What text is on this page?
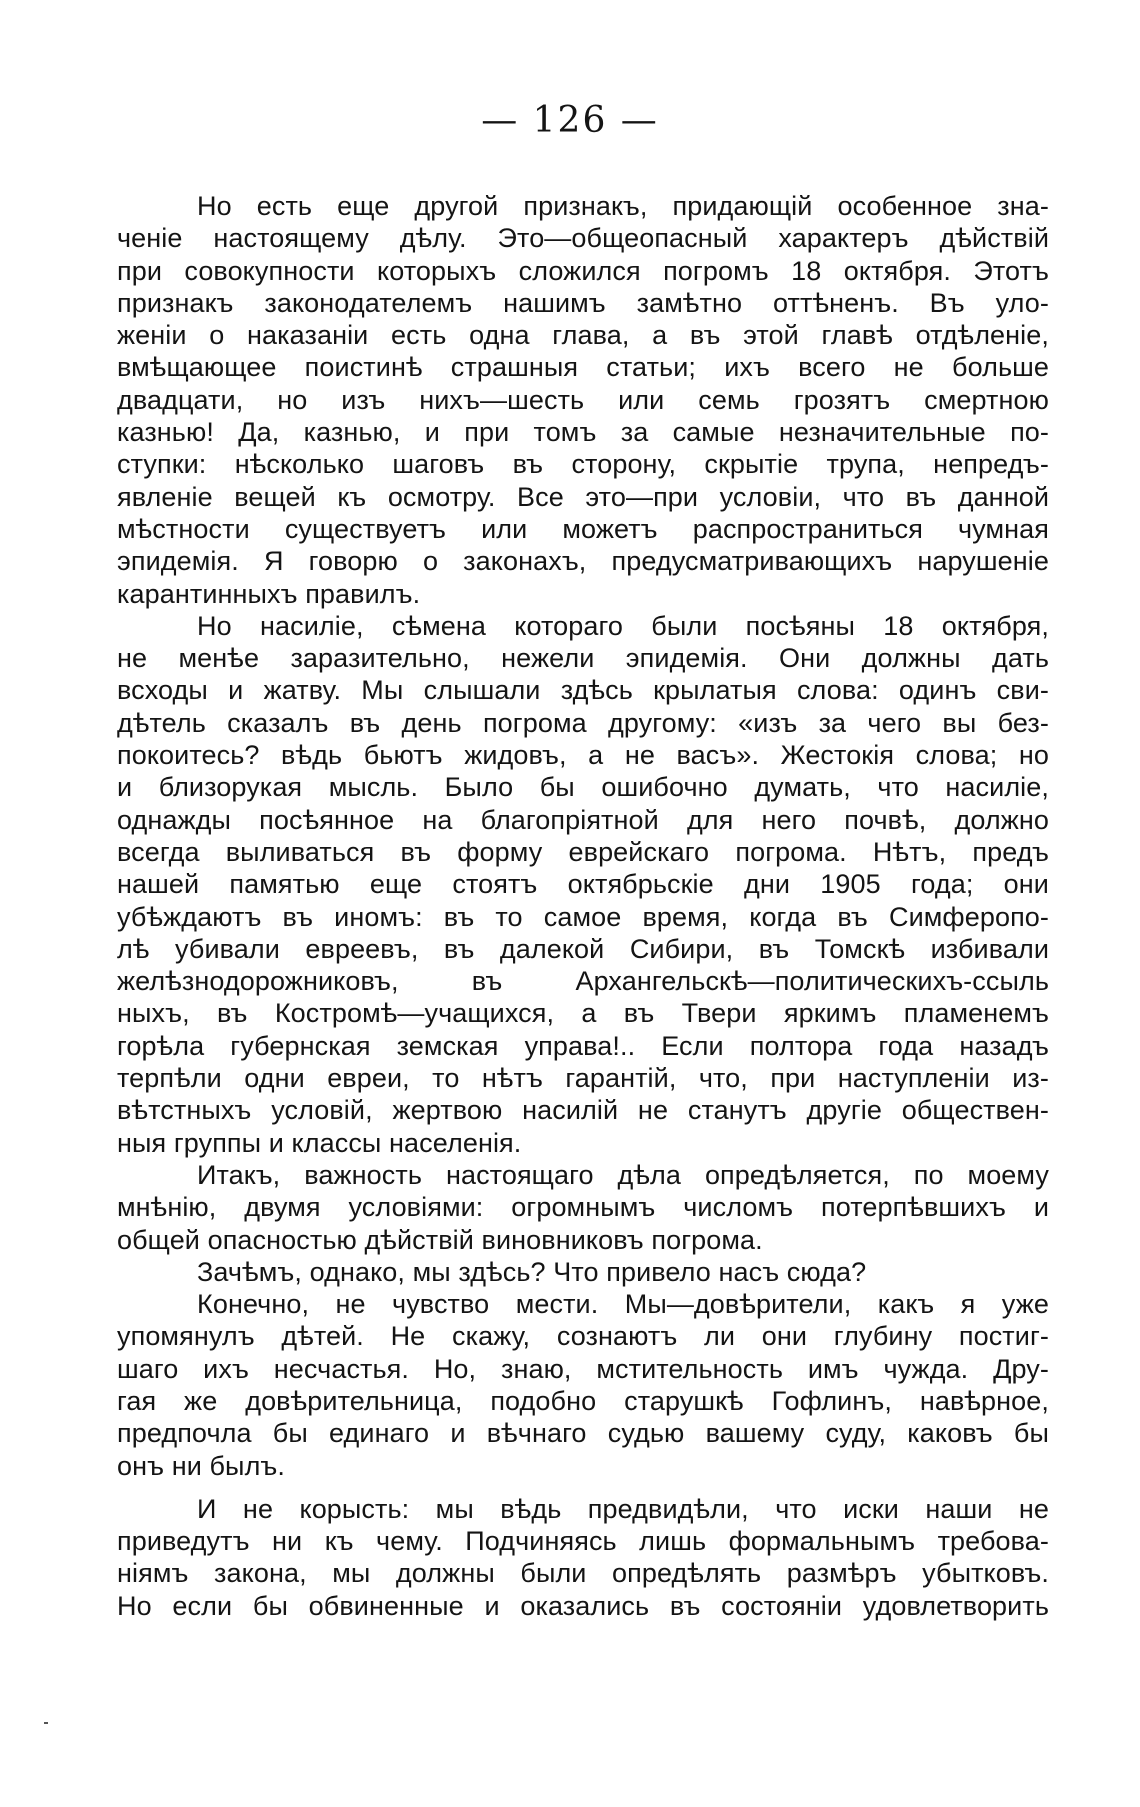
— 126 —
Но есть еще другой признакъ, придающій особенное зна-
ченіе настоящему дѣлу. Это—общеопасный характеръ дѣйствій
при совокупности которыхъ сложился погромъ 18 октября. Этотъ
признакъ законодателемъ нашимъ замѣтно оттѣненъ. Въ уло-
женіи о наказаніи есть одна глава, а въ этой главѣ отдѣленіе,
вмѣщающее поистинѣ страшныя статьи; ихъ всего не больше
двадцати, но изъ нихъ—шесть или семь грозятъ смертною
казнью! Да, казнью, и при томъ за самые незначительные по-
ступки: нѣсколько шаговъ въ сторону, скрытіе трупа, непредъ-
явленіе вещей къ осмотру. Все это—при условіи, что въ данной
мѣстности существуетъ или можетъ распространиться чумная
эпидемія. Я говорю о законахъ, предусматривающихъ нарушеніе
карантинныхъ правилъ.
Но насиліе, сѣмена котораго были посѣяны 18 октября,
не менѣе заразительно, нежели эпидемія. Они должны дать
всходы и жатву. Мы слышали здѣсь крылатыя слова: одинъ сви-
дѣтель сказалъ въ день погрома другому: «изъ за чего вы без-
покоитесь? вѣдь бьютъ жидовъ, а не васъ». Жестокія слова; но
и близорукая мысль. Было бы ошибочно думать, что насиліе,
однажды посѣянное на благопріятной для него почвѣ, должно
всегда выливаться въ форму еврейскаго погрома. Нѣтъ, предъ
нашей памятью еще стоятъ октябрьскіе дни 1905 года; они
убѣждаютъ въ иномъ: въ то самое время, когда въ Симферопо-
лѣ убивали евреевъ, въ далекой Сибири, въ Томскѣ избивали
желѣзнодорожниковъ, въ Архангельскѣ—политическихъ-ссыль
ныхъ, въ Костромѣ—учащихся, а въ Твери яркимъ пламенемъ
горѣла губернская земская управа!.. Если полтора года назадъ
терпѣли одни евреи, то нѣтъ гарантій, что, при наступленіи из-
вѣтстныхъ условій, жертвою насилій не станутъ другіе обществен-
ныя группы и классы населенія.
Итакъ, важность настоящаго дѣла опредѣляется, по моему
мнѣнію, двумя условіями: огромнымъ числомъ потерпѣвшихъ и
общей опасностью дѣйствій виновниковъ погрома.
Зачѣмъ, однако, мы здѣсь? Что привело насъ сюда?
Конечно, не чувство мести. Мы—довѣрители, какъ я уже
упомянулъ дѣтей. Не скажу, сознаютъ ли они глубину постиг-
шаго ихъ несчастья. Но, знаю, мстительность имъ чужда. Дру-
гая же довѣрительница, подобно старушкѣ Гофлинъ, навѣрное,
предпочла бы единаго и вѣчнаго судью вашему суду, каковъ бы
онъ ни былъ.
И не корысть: мы вѣдь предвидѣли, что иски наши не
приведутъ ни къ чему. Подчиняясь лишь формальнымъ требова-
ніямъ закона, мы должны были опредѣлять размѣръ убытковъ.
Но если бы обвиненные и оказались въ состояніи удовлетворить
